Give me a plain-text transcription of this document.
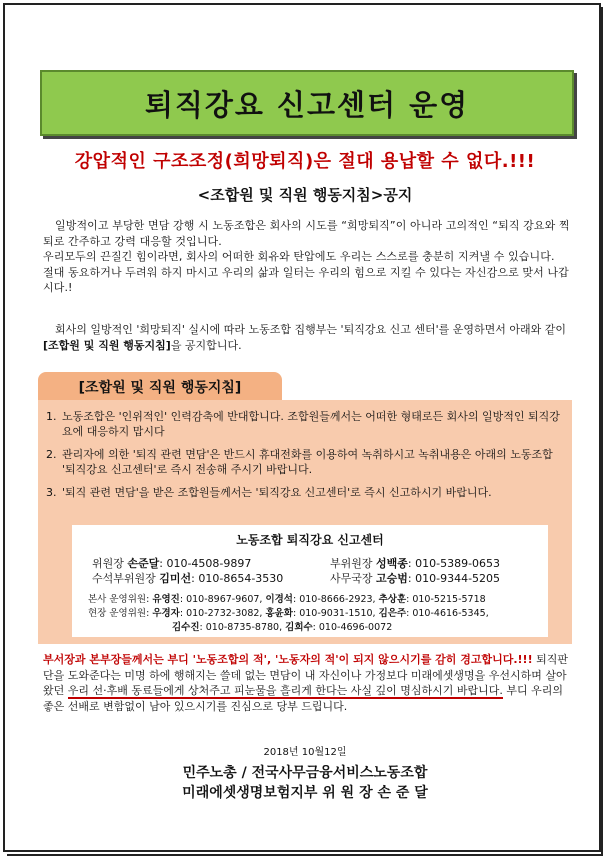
퇴직강요 신고센터 운영
강압적인 구조조정(희망퇴직)은 절대 용납할 수 없다.!!!
<조합원 및 직원 행동지침>공지

일방적이고 부당한 면담 강행 시 노동조합은 회사의 시도를 “희망퇴직”이 아니라 고의적인 “퇴직 강요와 찍퇴로 간주하고 강력 대응할 것입니다.

우리모두의 끈질긴 힘이라면, 회사의 어떠한 회유와 탄압에도 우리는 스스로를 충분히 지켜낼 수 있습니다.

절대 동요하거나 두려워 하지 마시고 우리의 삶과 일터는 우리의 힘으로 지킬 수 있다는 자신감으로 맞서 나갑시다.!

회사의 일방적인 '희망퇴직' 실시에 따라 노동조합 집행부는 '퇴직강요 신고 센터'를 운영하면서 아래와 같이 [조합원 및 직원 행동지침]을 공지합니다.

[조합원 및 직원 행동지침]
1. 노동조합은 '인위적인' 인력감축에 반대합니다. 조합원들께서는 어떠한 형태로든 회사의 일방적인 퇴직강요에 대응하지 맙시다
2. 관리자에 의한 '퇴직 관련 면담'은 반드시 휴대전화를 이용하여 녹취하시고 녹취내용은 아래의 노동조합 '퇴직강요 신고센터'로 즉시 전송해 주시기 바랍니다.
3. '퇴직 관련 면담'을 받은 조합원들께서는 '퇴직강요 신고센터'로 즉시 신고하시기 바랍니다.
노동조합 퇴직강요 신고센터
위원장 손준달: 010-4508-9897	부위원장 성백종: 010-5389-0653
수석부위원장 김미선: 010-8654-3530	사무국장 고승범: 010-9344-5205
본사 운영위원: 유영진: 010-8967-9607, 이경석: 010-8666-2923, 추상훈: 010-5215-5718
현장 운영위원: 우경자: 010-2732-3082, 홍윤화: 010-9031-1510, 김은주: 010-4616-5345,
김수진: 010-8735-8780, 김희수: 010-4696-0072

부서장과 본부장들께서는 부디 '노동조합의 적', '노동자의 적'이 되지 않으시기를 감히 경고합니다.!!! 퇴직판단을 도와준다는 미명 하에 행해지는 쓸데 없는 면담이 내 자신이나 가정보다 미래에셋생명을 우선시하며 살아 왔던 우리 선·후배 동료들에게 상처주고 피눈물을 흘리게 한다는 사실 깊이 명심하시기 바랍니다. 부디 우리의 좋은 선배로 변함없이 남아 있으시기를 진심으로 당부 드립니다.

2018년 10월12일
민주노총 / 전국사무금융서비스노동조합
미래에셋생명보험지부 위 원 장 손 준 달
